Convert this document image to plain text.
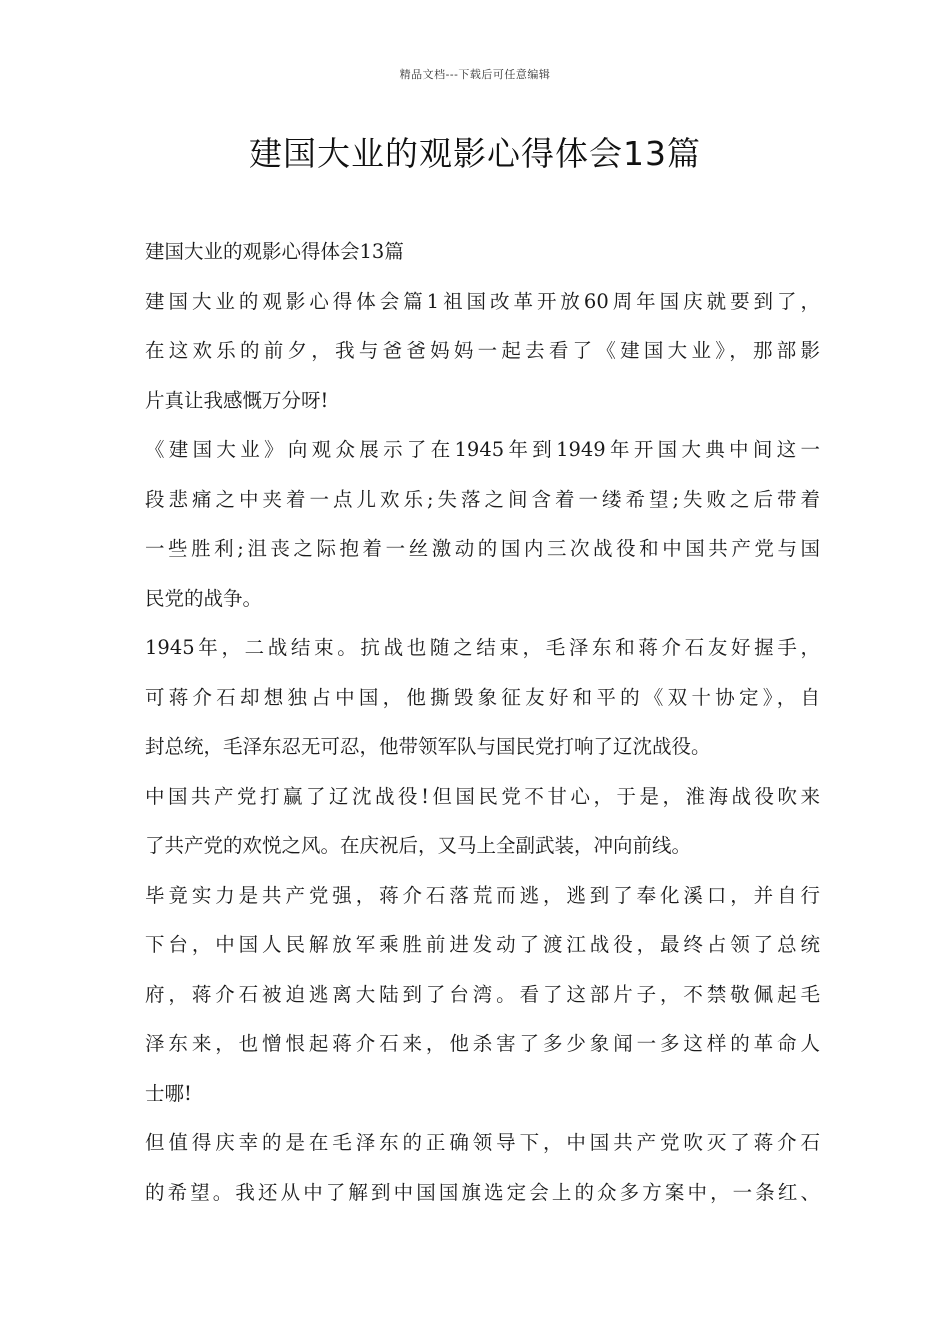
精品文档---下载后可任意编辑
建国大业的观影心得体会13篇
建国大业的观影心得体会13篇
建国大业的观影心得体会篇1祖国改革开放60周年国庆就要到了，
在这欢乐的前夕，我与爸爸妈妈一起去看了《建国大业》，那部影
片真让我感慨万分呀!
《建国大业》向观众展示了在1945年到1949年开国大典中间这一
段悲痛之中夹着一点儿欢乐;失落之间含着一缕希望;失败之后带着
一些胜利;沮丧之际抱着一丝激动的国内三次战役和中国共产党与国
民党的战争。
1945年，二战结束。抗战也随之结束，毛泽东和蒋介石友好握手，
可蒋介石却想独占中国，他撕毁象征友好和平的《双十协定》，自
封总统，毛泽东忍无可忍，他带领军队与国民党打响了辽沈战役。
中国共产党打赢了辽沈战役!但国民党不甘心，于是，淮海战役吹来
了共产党的欢悦之风。在庆祝后，又马上全副武装，冲向前线。
毕竟实力是共产党强，蒋介石落荒而逃，逃到了奉化溪口，并自行
下台，中国人民解放军乘胜前进发动了渡江战役，最终占领了总统
府，蒋介石被迫逃离大陆到了台湾。看了这部片子，不禁敬佩起毛
泽东来，也憎恨起蒋介石来，他杀害了多少象闻一多这样的革命人
士哪!
但值得庆幸的是在毛泽东的正确领导下，中国共产党吹灭了蒋介石
的希望。我还从中了解到中国国旗选定会上的众多方案中，一条红、
